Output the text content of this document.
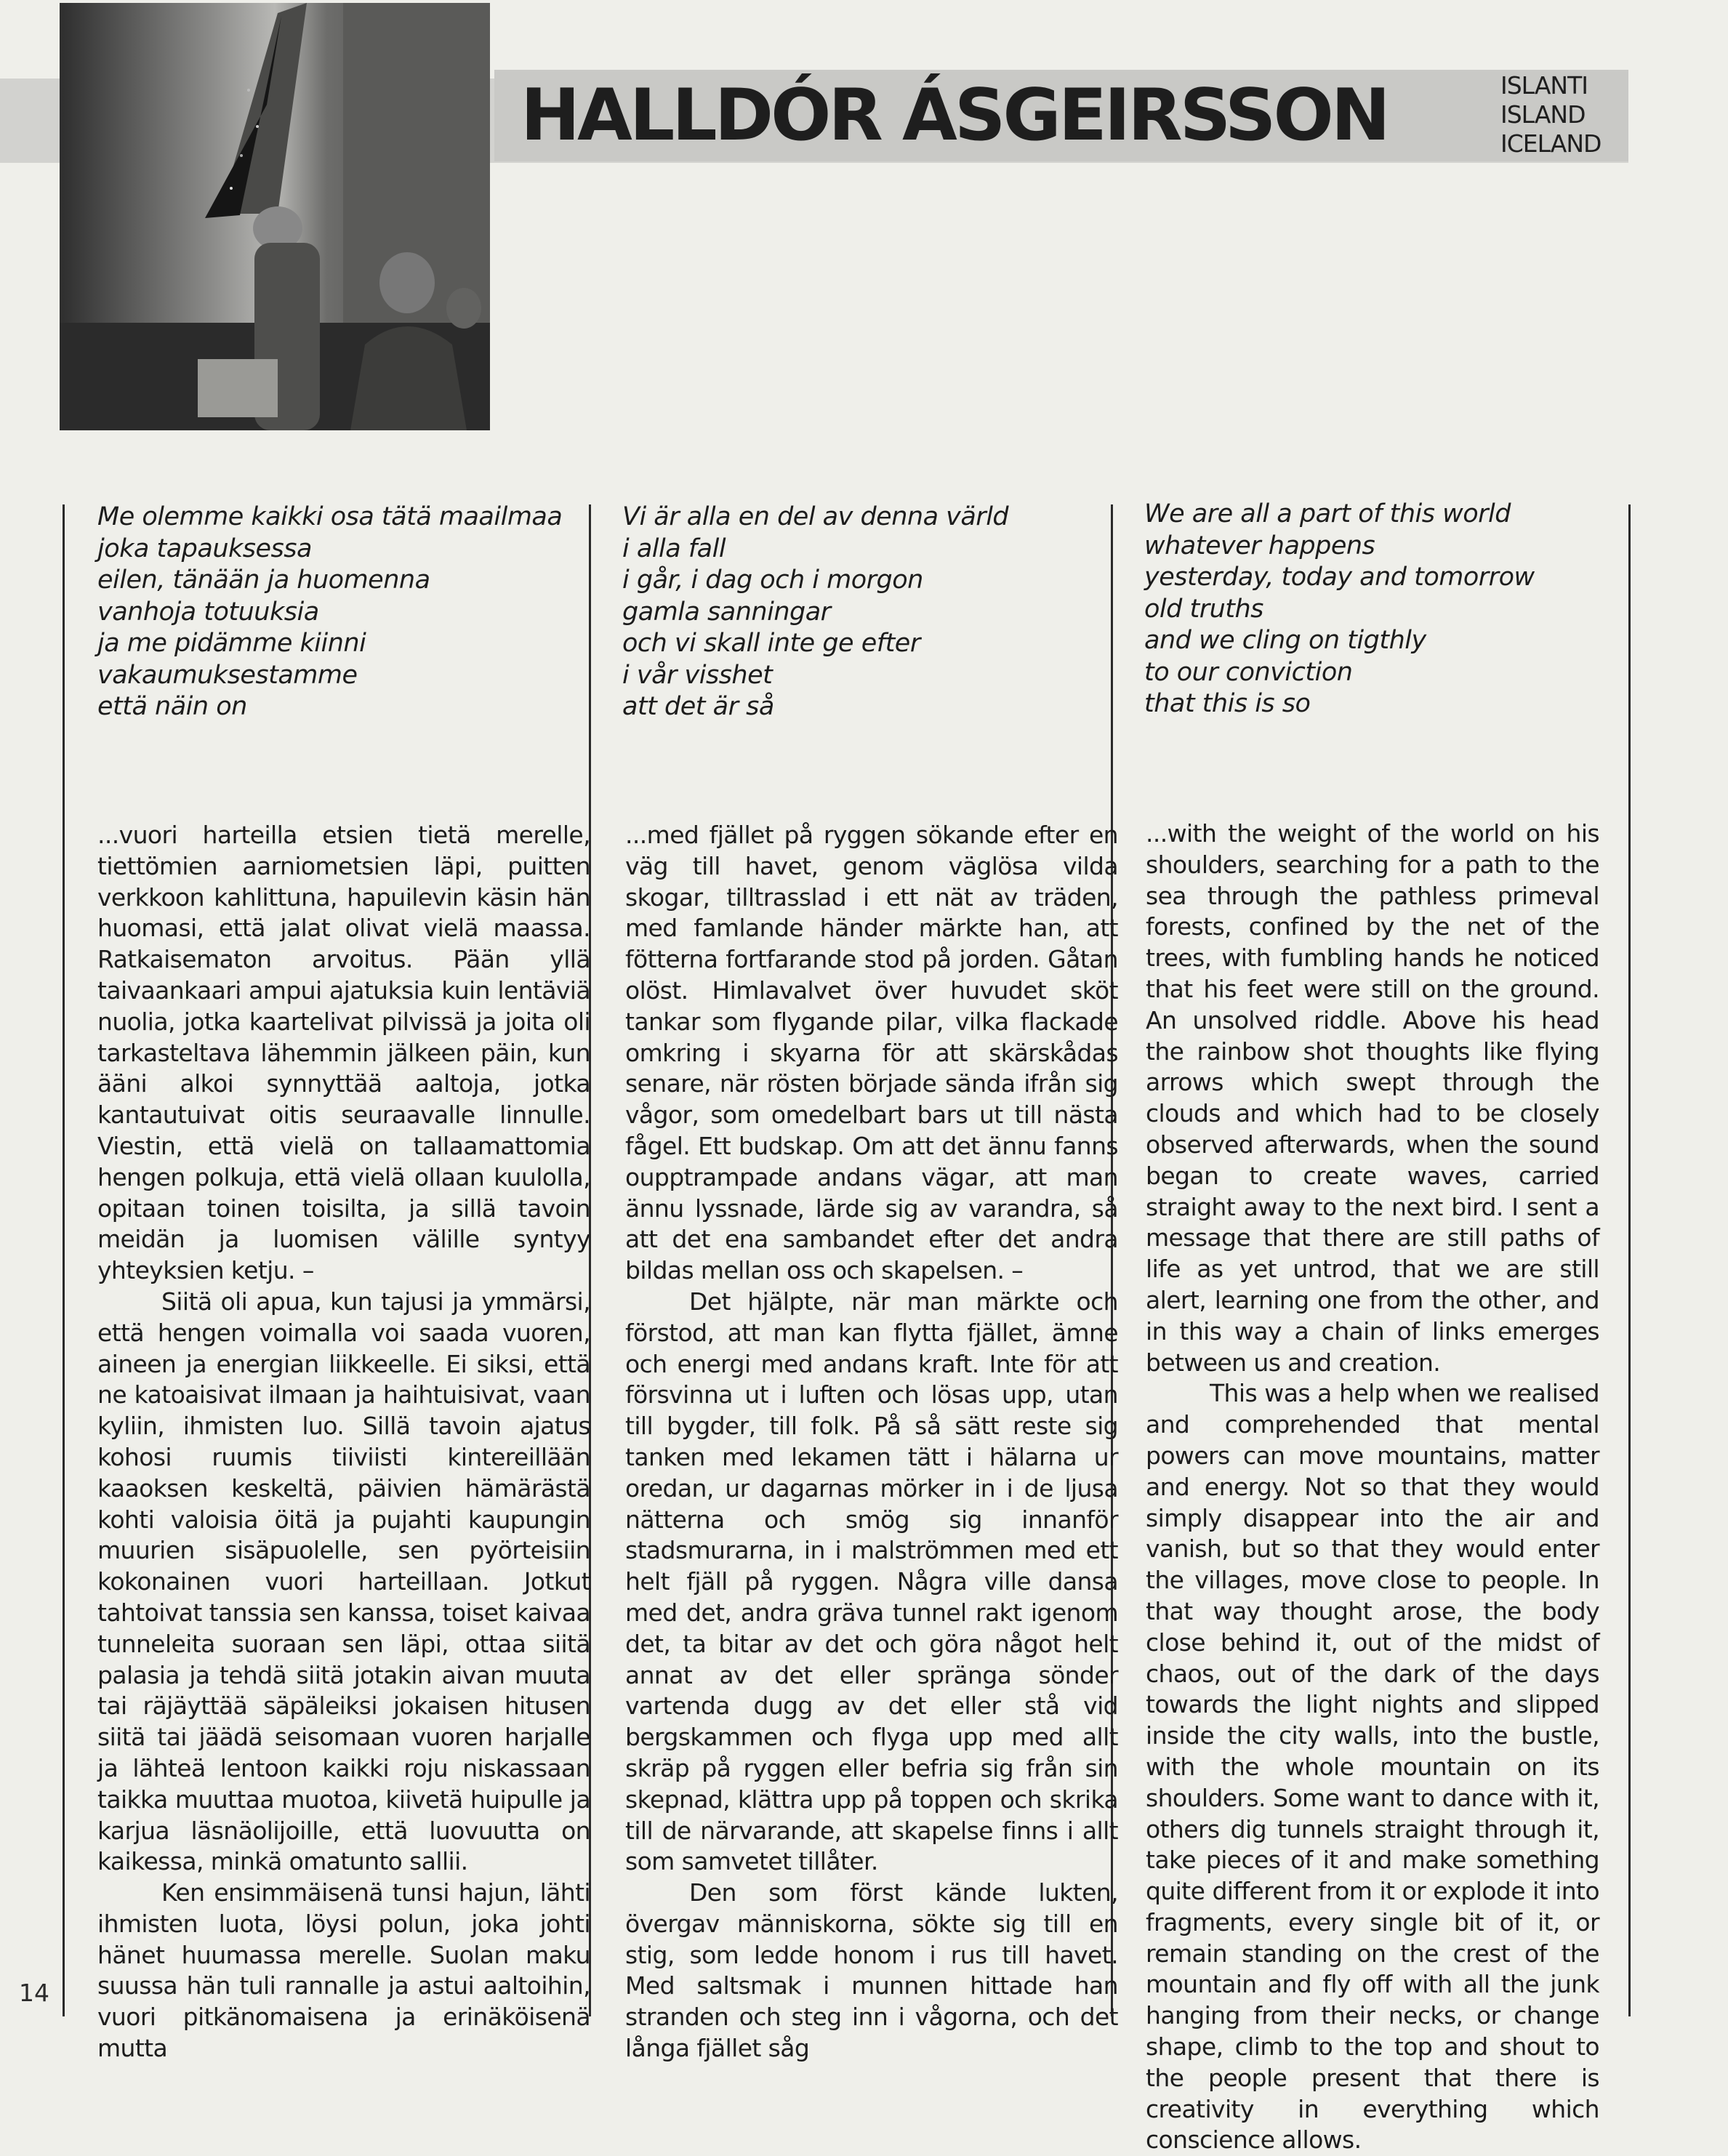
HALLDÓR ÁSGEIRSSON	ISLANTI
ISLAND
ICELAND

Me olemme kaikki osa tätä maailmaa
joka tapauksessa
eilen, tänään ja huomenna
vanhoja totuuksia
ja me pidämme kiinni
vakaumuksestamme
että näin on

...vuori harteilla etsien tietä merelle, tiettömien aarniometsien läpi, puitten verkkoon kahlittuna, hapuilevin käsin hän huomasi, että jalat olivat vielä maassa. Ratkaisematon arvoitus. Pään yllä taivaankaari ampui ajatuksia kuin lentäviä nuolia, jotka kaartelivat pilvissä ja joita oli tarkasteltava lähemmin jälkeen päin, kun ääni alkoi synnyttää aaltoja, jotka kantautuivat oitis seuraavalle linnulle. Viestin, että vielä on tallaamattomia hengen polkuja, että vielä ollaan kuulolla, opitaan toinen toisilta, ja sillä tavoin meidän ja luomisen välille syntyy yhteyksien ketju. –

Siitä oli apua, kun tajusi ja ymmärsi, että hengen voimalla voi saada vuoren, aineen ja energian liikkeelle. Ei siksi, että ne katoaisivat ilmaan ja haihtuisivat, vaan kyliin, ihmisten luo. Sillä tavoin ajatus kohosi ruumis tiiviisti kintereillään kaaoksen keskeltä, päivien hämärästä kohti valoisia öitä ja pujahti kaupungin muurien sisäpuolelle, sen pyörteisiin kokonainen vuori harteillaan. Jotkut tahtoivat tanssia sen kanssa, toiset kaivaa tunneleita suoraan sen läpi, ottaa siitä palasia ja tehdä siitä jotakin aivan muuta tai räjäyttää säpäleiksi jokaisen hitusen siitä tai jäädä seisomaan vuoren harjalle ja lähteä lentoon kaikki roju niskassaan taikka muuttaa muotoa, kiivetä huipulle ja karjua läsnäolijoille, että luovuutta on kaikessa, minkä omatunto sallii.

Ken ensimmäisenä tunsi hajun, lähti ihmisten luota, löysi polun, joka johti hänet huumassa merelle. Suolan maku suussa hän tuli rannalle ja astui aaltoihin, vuori pitkänomaisena ja erinäköisenä mutta

Vi är alla en del av denna värld
i alla fall
i går, i dag och i morgon
gamla sanningar
och vi skall inte ge efter
i vår visshet
att det är så

...med fjället på ryggen sökande efter en väg till havet, genom väglösa vilda skogar, tilltrasslad i ett nät av träden, med famlande händer märkte han, att fötterna fortfarande stod på jorden. Gåtan olöst. Himlavalvet över huvudet sköt tankar som flygande pilar, vilka flackade omkring i skyarna för att skärskådas senare, när rösten började sända ifrån sig vågor, som omedelbart bars ut till nästa fågel. Ett budskap. Om att det ännu fanns oupptrampade andans vägar, att man ännu lyssnade, lärde sig av varandra, så att det ena sambandet efter det andra bildas mellan oss och skapelsen. –

Det hjälpte, när man märkte och förstod, att man kan flytta fjället, ämne och energi med andans kraft. Inte för att försvinna ut i luften och lösas upp, utan till bygder, till folk. På så sätt reste sig tanken med lekamen tätt i hälarna ur oredan, ur dagarnas mörker in i de ljusa nätterna och smög sig innanför stadsmurarna, in i malströmmen med ett helt fjäll på ryggen. Några ville dansa med det, andra gräva tunnel rakt igenom det, ta bitar av det och göra något helt annat av det eller spränga sönder vartenda dugg av det eller stå vid bergskammen och flyga upp med allt skräp på ryggen eller befria sig från sin skepnad, klättra upp på toppen och skrika till de närvarande, att skapelse finns i allt som samvetet tillåter.

Den som först kände lukten, övergav människorna, sökte sig till en stig, som ledde honom i rus till havet. Med saltsmak i munnen hittade han stranden och steg inn i vågorna, och det långa fjället såg

We are all a part of this world
whatever happens
yesterday, today and tomorrow
old truths
and we cling on tigthly
to our conviction
that this is so

...with the weight of the world on his shoulders, searching for a path to the sea through the pathless primeval forests, confined by the net of the trees, with fumbling hands he noticed that his feet were still on the ground. An unsolved riddle. Above his head the rainbow shot thoughts like flying arrows which swept through the clouds and which had to be closely observed afterwards, when the sound began to create waves, carried straight away to the next bird. I sent a message that there are still paths of life as yet untrod, that we are still alert, learning one from the other, and in this way a chain of links emerges between us and creation.

This was a help when we realised and comprehended that mental powers can move mountains, matter and energy. Not so that they would simply disappear into the air and vanish, but so that they would enter the villages, move close to people. In that way thought arose, the body close behind it, out of the midst of chaos, out of the dark of the days towards the light nights and slipped inside the city walls, into the bustle, with the whole mountain on its shoulders. Some want to dance with it, others dig tunnels straight through it, take pieces of it and make something quite different from it or explode it into fragments, every single bit of it, or remain standing on the crest of the mountain and fly off with all the junk hanging from their necks, or change shape, climb to the top and shout to the people present that there is creativity in everything which conscience allows.

14
